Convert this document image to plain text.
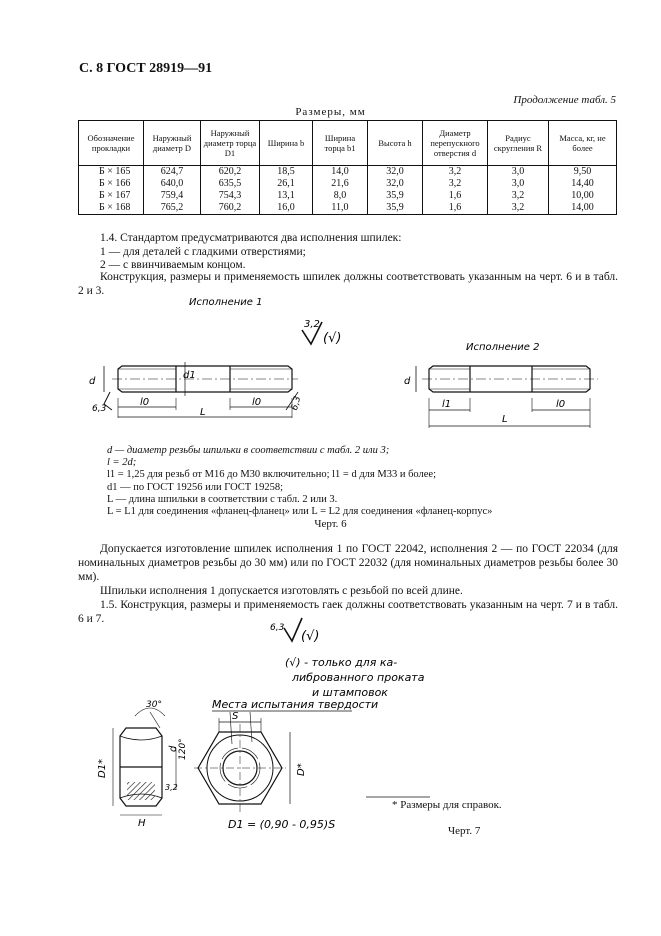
С. 8 ГОСТ 28919—91
Продолжение табл. 5
Размеры, мм
Обозначение прокладки	Наружный диаметр D	Наружный диаметр торца D1	Ширина b	Ширина торца b1	Высота h	Диаметр перепускного отверстия d	Радиус скругления R	Масса, кг, не более
Б × 165	624,7	620,2	18,5	14,0	32,0	3,2	3,0	9,50
Б × 166	640,0	635,5	26,1	21,6	32,0	3,2	3,0	14,40
Б × 167	759,4	754,3	13,1	8,0	35,9	1,6	3,2	10,00
Б × 168	765,2	760,2	16,0	11,0	35,9	1,6	3,2	14,00
1.4. Стандартом предусматриваются два исполнения шпилек:
1 — для деталей с гладкими отверстиями;
2 — с ввинчиваемым концом.
Конструкция, размеры и применяемость шпилек должны соответствовать указанным на черт. 6 и в табл. 2 и 3.
Исполнение 1
Исполнение 2
3,2
(√)
d
d1
l0	l0
L
6,3	6,3
d
l1	l0
L
d — диаметр резьбы шпильки в соответствии с табл. 2 или 3;
l = 2d;
l1 = 1,25 для резьб от M16 до M30 включительно; l1 = d для M33 и более;
d1 — по ГОСТ 19256 или ГОСТ 19258;
L — длина шпильки в соответствии с табл. 2 или 3.
L = L1 для соединения «фланец-фланец» или L = L2 для соединения «фланец-корпус»
Черт. 6
Допускается изготовление шпилек исполнения 1 по ГОСТ 22042, исполнения 2 — по ГОСТ 22034 (для номинальных диаметров резьбы до 30 мм) или по ГОСТ 22032 (для номинальных диаметров резьбы более 30 мм).
Шпильки исполнения 1 допускается изготовлять с резьбой по всей длине.
1.5. Конструкция, размеры и применяемость гаек должны соответствовать указанным на черт. 7 и в табл. 6 и 7.
6,3
(√)
(√) - только для ка-
либрованного проката
и штамповок
Места испытания твердости
30°
120°
3,2
d
D1*
H
S
D*
D1 = (0,90 - 0,95)S
* Размеры для справок.
Черт. 7
